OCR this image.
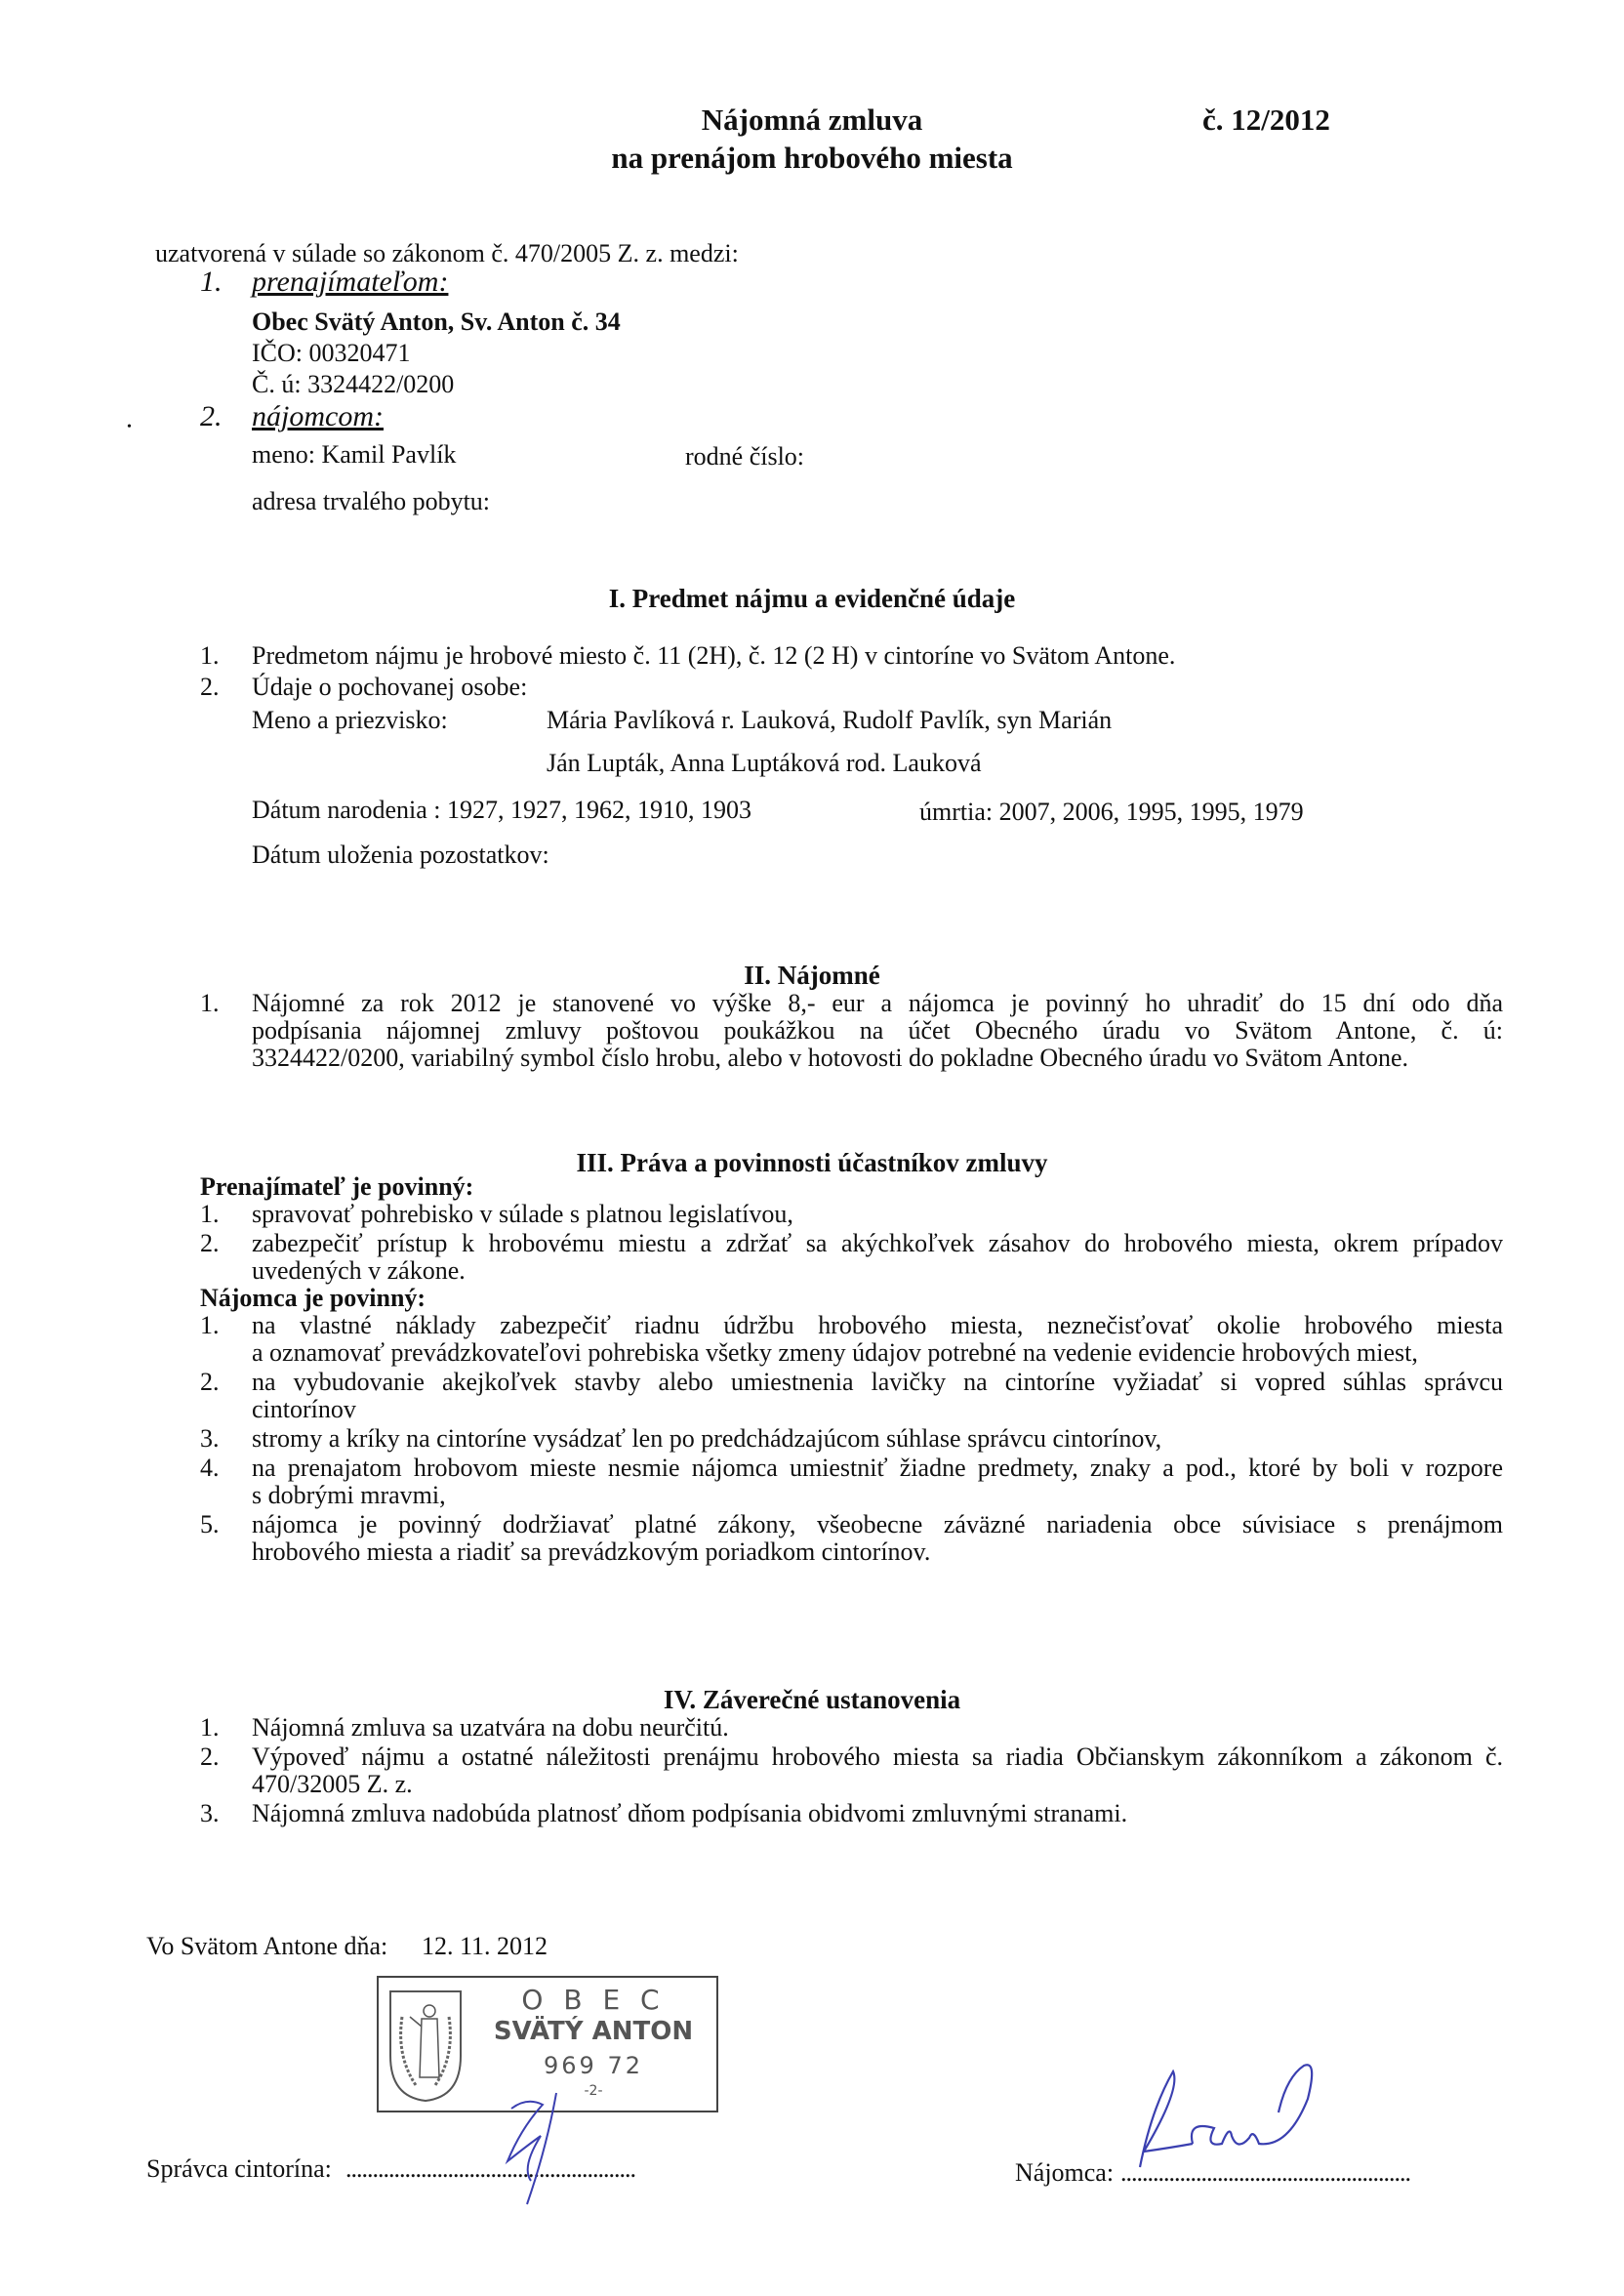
Nájomná zmluva
na prenájom hrobového miesta
č. 12/2012
uzatvorená v súlade so zákonom č. 470/2005 Z. z. medzi:
1. prenajímateľom:
Obec Svätý Anton, Sv. Anton č. 34
IČO: 00320471
Č. ú: 3324422/0200
• 2. nájomcom:
meno: Kamil Pavlík	rodné číslo:
adresa trvalého pobytu:
I. Predmet nájmu a evidenčné údaje
1. Predmetom nájmu je hrobové miesto č. 11 (2H), č. 12 (2 H) v cintoríne vo Svätom Antone.
2. Údaje o pochovanej osobe:
Meno a priezvisko:	Mária Pavlíková r. Lauková, Rudolf Pavlík, syn Marián
Ján Lupták, Anna Luptáková rod. Lauková
Dátum narodenia : 1927, 1927, 1962, 1910, 1903	úmrtia: 2007, 2006, 1995, 1995, 1979
Dátum uloženia pozostatkov:
II. Nájomné
1. Nájomné za rok 2012 je stanovené vo výške 8,- eur a nájomca je povinný ho uhradiť do 15 dní odo dňa
podpísania nájomnej zmluvy poštovou poukážkou na účet Obecného úradu vo Svätom Antone, č. ú:
3324422/0200, variabilný symbol číslo hrobu, alebo v hotovosti do pokladne Obecného úradu vo Svätom Antone.
III. Práva a povinnosti účastníkov zmluvy
Prenajímateľ je povinný:
1. spravovať pohrebisko v súlade s platnou legislatívou,
2. zabezpečiť prístup k hrobovému miestu a zdržať sa akýchkoľvek zásahov do hrobového miesta, okrem prípadov
uvedených v zákone.
Nájomca je povinný:
1. na vlastné náklady zabezpečiť riadnu údržbu hrobového miesta, neznečisťovať okolie hrobového miesta
a oznamovať prevádzkovateľovi pohrebiska všetky zmeny údajov potrebné na vedenie evidencie hrobových miest,
2. na vybudovanie akejkoľvek stavby alebo umiestnenia lavičky na cintoríne vyžiadať si vopred súhlas správcu
cintorínov
3. stromy a kríky na cintoríne vysádzať len po predchádzajúcom súhlase správcu cintorínov,
4. na prenajatom hrobovom mieste nesmie nájomca umiestniť žiadne predmety, znaky a pod., ktoré by boli v rozpore
s dobrými mravmi,
5. nájomca je povinný dodržiavať platné zákony, všeobecne záväzné nariadenia obce súvisiace s prenájmom
hrobového miesta a riadiť sa prevádzkovým poriadkom cintorínov.
IV. Záverečné ustanovenia
1. Nájomná zmluva sa uzatvára na dobu neurčitú.
2. Výpoveď nájmu a ostatné náležitosti prenájmu hrobového miesta sa riadia Občianskym zákonníkom a zákonom č.
470/32005 Z. z.
3. Nájomná zmluva nadobúda platnosť dňom podpísania obidvomi zmluvnými stranami.
Vo Svätom Antone dňa: 12. 11. 2012
O B E C
SVÄTÝ ANTON
969 72
-2-
Správca cintorína: ......................................................	Nájomca: ......................................................
